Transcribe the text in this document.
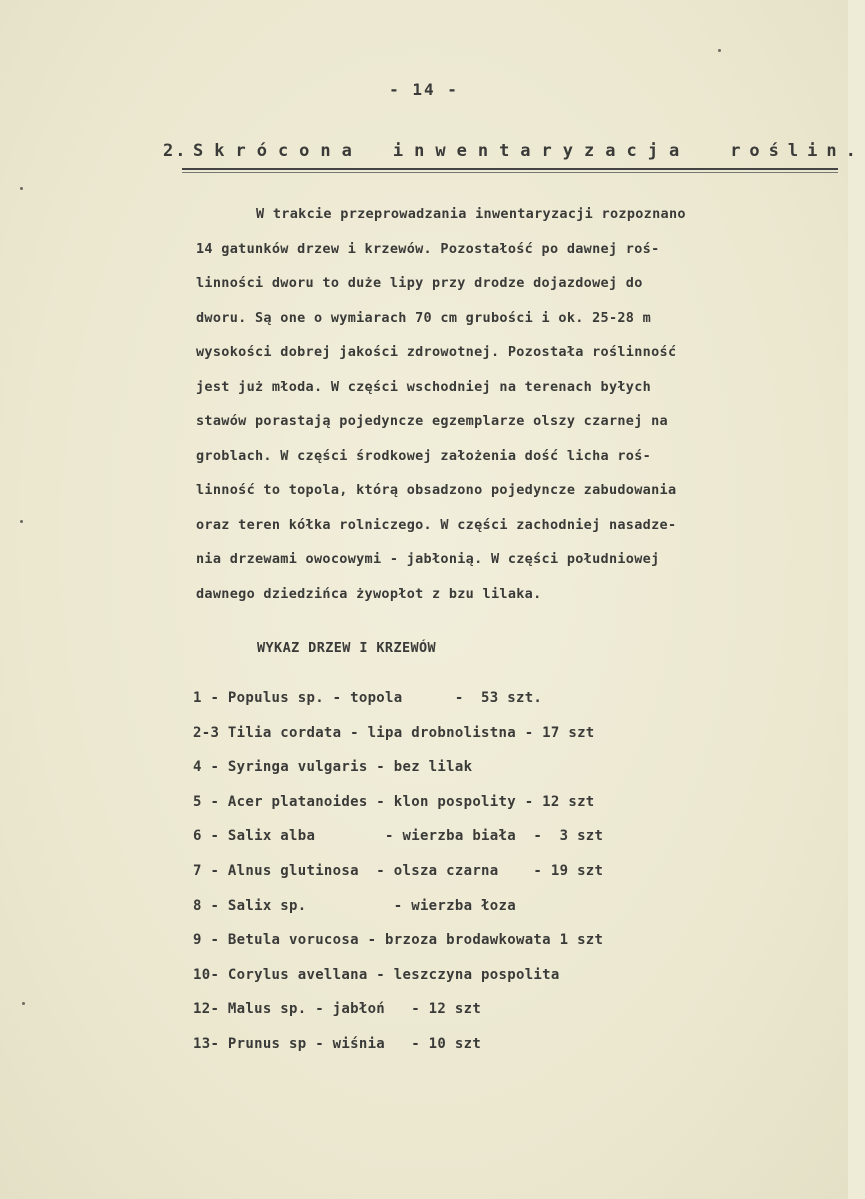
- 14 -
2. Skrócona inwentaryzacja roślin.
W trakcie przeprowadzania inwentaryzacji rozpoznano
14 gatunków drzew i krzewów. Pozostałość po dawnej roś-
linności dworu to duże lipy przy drodze dojazdowej do
dworu. Są one o wymiarach 70 cm grubości i ok. 25-28 m
wysokości dobrej jakości zdrowotnej. Pozostała roślinność
jest już młoda. W części wschodniej na terenach byłych
stawów porastają pojedyncze egzemplarze olszy czarnej na
groblach. W części środkowej założenia dość licha roś-
linność to topola, którą obsadzono pojedyncze zabudowania
oraz teren kółka rolniczego. W części zachodniej nasadze-
nia drzewami owocowymi - jabłonią. W części południowej
dawnego dziedzińca żywopłot z bzu lilaka.
WYKAZ DRZEW I KRZEWÓW
1 - Populus sp. - topola      -  53 szt.
2-3 Tilia cordata - lipa drobnolistna - 17 szt
4 - Syringa vulgaris - bez lilak
5 - Acer platanoides - klon pospolity - 12 szt
6 - Salix alba        - wierzba biała  -  3 szt
7 - Alnus glutinosa  - olsza czarna    - 19 szt
8 - Salix sp.          - wierzba łoza
9 - Betula vorucosa - brzoza brodawkowata 1 szt
10- Corylus avellana - leszczyna pospolita
12- Malus sp. - jabłoń   - 12 szt
13- Prunus sp - wiśnia   - 10 szt
